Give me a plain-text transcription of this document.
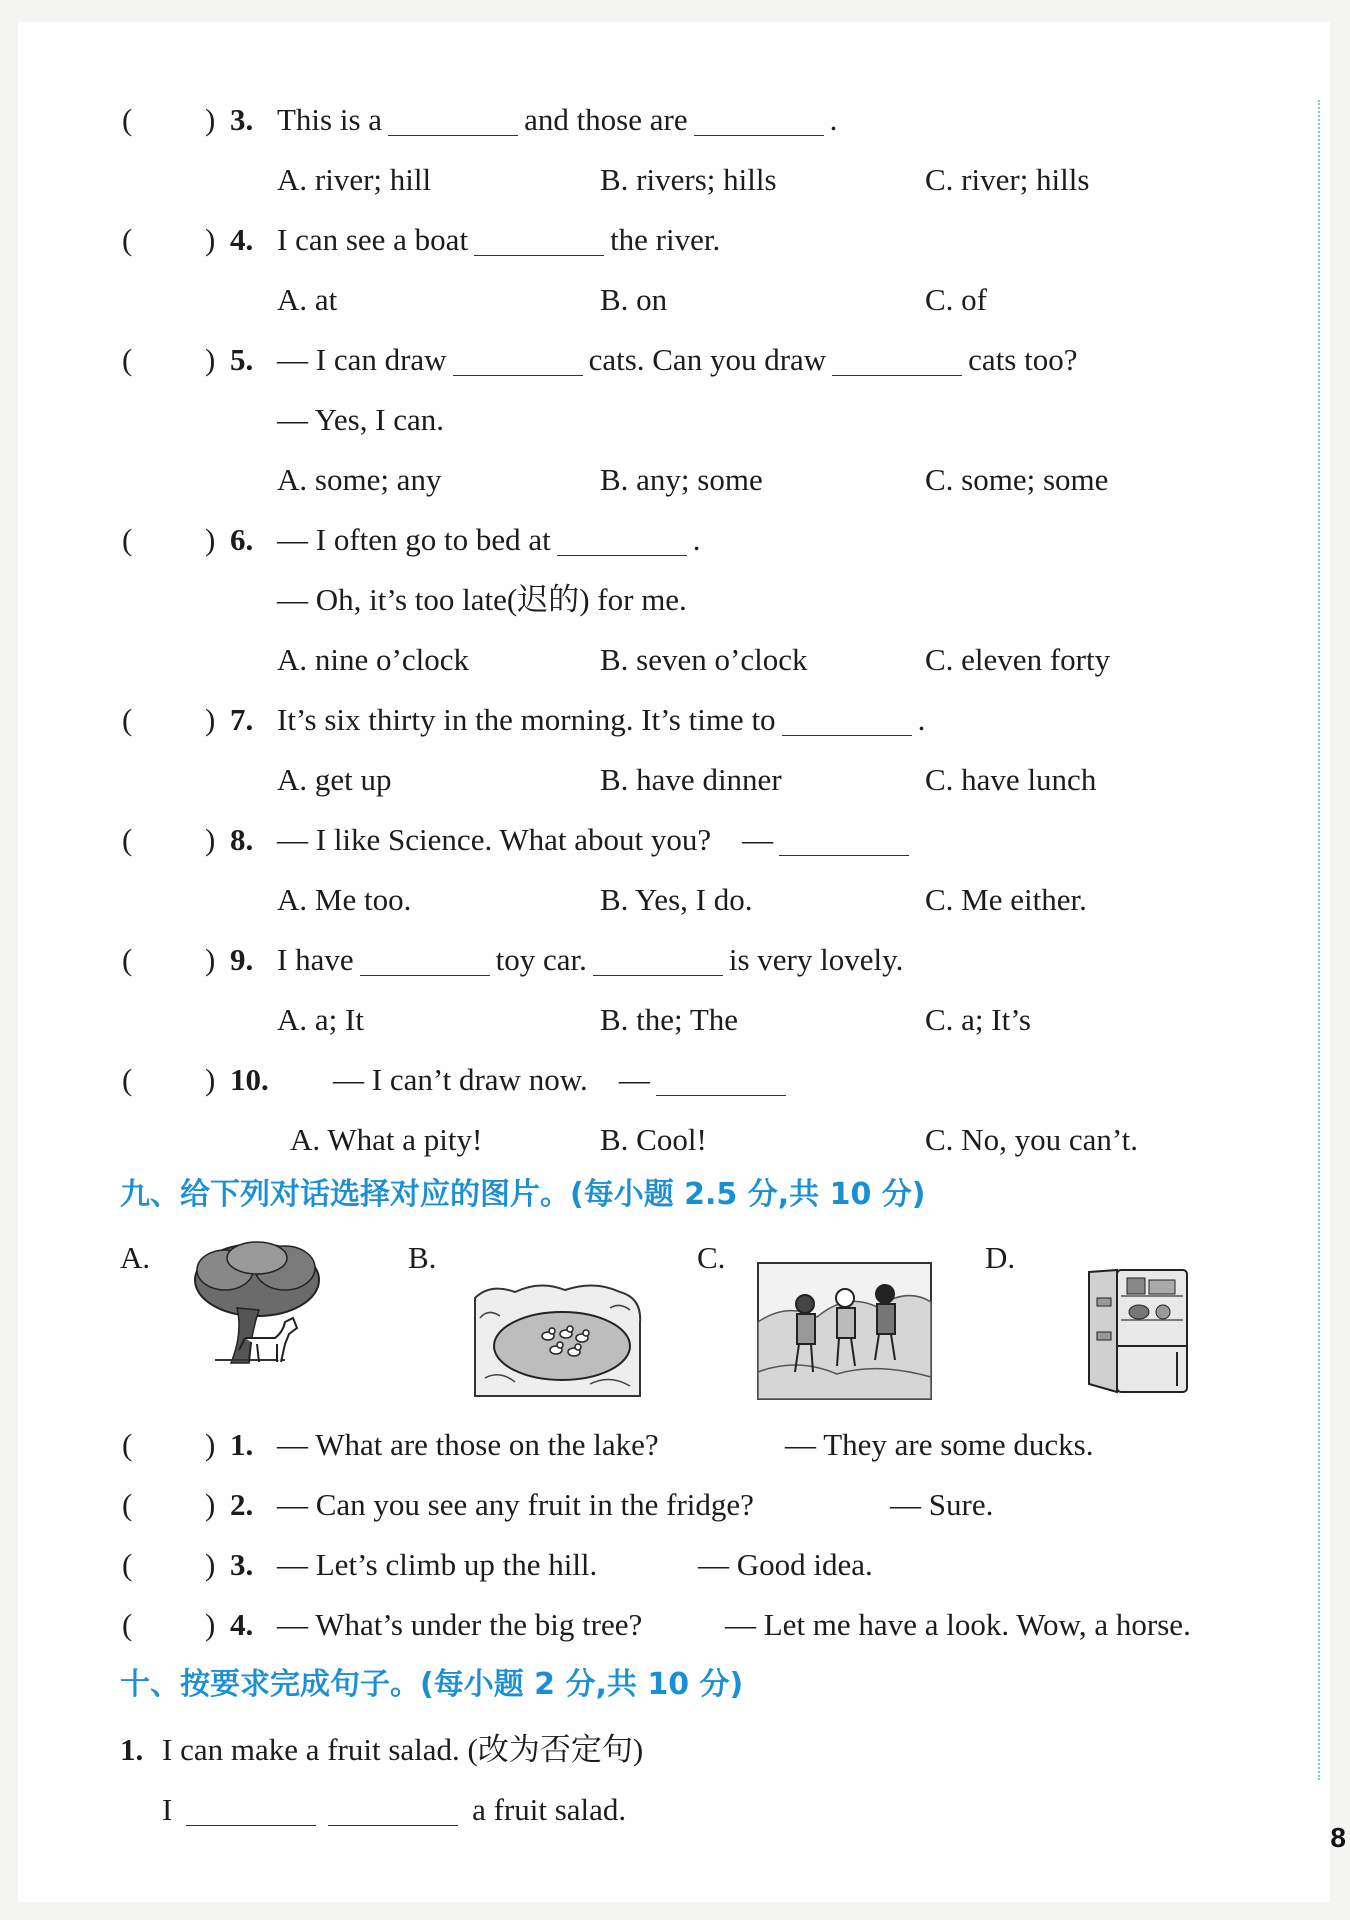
( ) 3. This is a	and those are	.
A. river; hill	B. rivers; hills	C. river; hills
( ) 4. I can see a boat	the river.
A. at	B. on	C. of
( ) 5. — I can draw	cats. Can you draw	cats too?
— Yes, I can.
A. some; any	B. any; some	C. some; some
( ) 6. — I often go to bed at	.
— Oh, it’s too late(迟的) for me.
A. nine o’clock	B. seven o’clock	C. eleven forty
( ) 7. It’s six thirty in the morning. It’s time to	.
A. get up	B. have dinner	C. have lunch
( ) 8. — I like Science. What about you? —
A. Me too.	B. Yes, I do.	C. Me either.
( ) 9. I have	toy car.	is very lovely.
A. a; It	B. the; The	C. a; It’s
( ) 10. — I can’t draw now. —
A. What a pity!	B. Cool!	C. No, you can’t.
九、给下列对话选择对应的图片。(每小题 2.5 分,共 10 分)
A.	B.	C.	D.
( ) 1. — What are those on the lake?	— They are some ducks.
( ) 2. — Can you see any fruit in the fridge?	— Sure.
( ) 3. — Let’s climb up the hill.	— Good idea.
( ) 4. — What’s under the big tree?	— Let me have a look. Wow, a horse.
十、按要求完成句子。(每小题 2 分,共 10 分)
1. I can make a fruit salad. (改为否定句)
I	a fruit salad.
8
